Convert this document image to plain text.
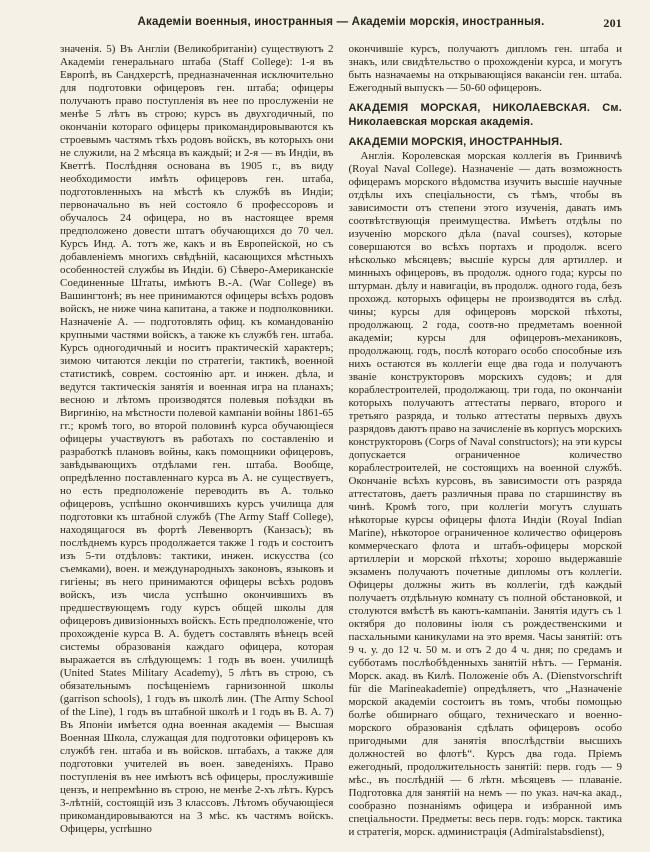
Академіи военныя, иностранныя — Академіи морскія, иностранныя.	201

значенія. 5) Въ Англіи (Великобританіи) существуютъ 2 Академіи генеральнаго штаба (Staff College): 1-я въ Европѣ, въ Сандхерстѣ, предназначенная исключительно для подготовки офицеровъ ген. штаба; офицеры получаютъ право поступленія въ нее по прослуженіи не менѣе 5 лѣтъ въ строю; курсъ въ двухгодичный, по окончаніи котораго офицеры прикомандировываются къ строевымъ частямъ тѣхъ родовъ войскъ, въ которыхъ они не служили, на 2 мѣсяца въ каждый; и 2-я — въ Индіи, въ Кветтѣ. Послѣдняя основана въ 1905 г., въ виду необходимости имѣть офицеровъ ген. штаба, подготовленныхъ на мѣстѣ къ службѣ въ Индіи; первоначально въ ней состояло 6 профессоровъ и обучалось 24 офицера, но въ настоящее время предположено довести штатъ обучающихся до 70 чел. Курсъ Инд. А. тотъ же, какъ и въ Европейской, но съ добавленіемъ многихъ свѣдѣній, касающихся мѣстныхъ особенностей службы въ Индіи. 6) Сѣверо-Американскіе Соединенные Штаты, имѣютъ В.-А. (War College) въ Вашингтонѣ; въ нее принимаются офицеры всѣхъ родовъ войскъ, не ниже чина капитана, а также и подполковники. Назначеніе А. — подготовлять офиц. къ командованію крупными частями войскъ, а также къ службѣ ген. штаба. Курсъ одногодичный и носитъ практическій характеръ; зимою читаются лекціи по стратегіи, тактикѣ, военной статистикѣ, соврем. состоянію арт. и инжен. дѣла, и ведутся тактическія занятія и военная игра на планахъ; весною и лѣтомъ производятся полевыя поѣздки въ Виргинію, на мѣстности полевой кампаніи войны 1861-65 гг.; кромѣ того, во второй половинѣ курса обучающіеся офицеры участвуютъ въ работахъ по составленію и разработкѣ плановъ войны, какъ помощники офицеровъ, завѣдывающихъ отдѣлами ген. штаба. Вообще, опредѣленно поставленнаго курса въ А. не существуетъ, но есть предположеніе переводить въ А. только офицеровъ, успѣшно окончившихъ курсъ училища для подготовки къ штабной службѣ (The Army Staff College), находящагося въ фортѣ Левенвортъ (Канзасъ); въ послѣднемъ курсъ продолжается также 1 годъ и состоитъ изъ 5-ти отдѣловъ: тактики, инжен. искусства (со съемками), воен. и международныхъ законовъ, языковъ и гигіены; въ него принимаются офицеры всѣхъ родовъ войскъ, изъ числа успѣшно окончившихъ въ предшествующемъ году курсъ общей школы для офицеровъ дивизіонныхъ войскъ. Есть предположеніе, что прохожденіе курса В. А. будетъ составлять вѣнецъ всей системы образованія каждаго офицера, которая выражается въ слѣдующемъ: 1 годъ въ воен. училищѣ (United States Military Academy), 5 лѣтъ въ строю, съ обязательнымъ посѣщеніемъ гарнизонной школы (garrison schools), 1 годъ въ школѣ лин. (The Army School of the Line), 1 годъ въ штабной школѣ и 1 годъ въ В. А. 7) Въ Японіи имѣется одна военная академія — Высшая Военная Школа, служащая для подготовки офицеровъ къ службѣ ген. штаба и въ войсков. штабахъ, а также для подготовки учителей въ воен. заведеніяхъ. Право поступленія въ нее имѣютъ всѣ офицеры, прослужившіе цензъ, и непремѣнно въ строю, не менѣе 2-хъ лѣтъ. Курсъ 3-лѣтній, состоящій изъ 3 классовъ. Лѣтомъ обучающіеся прикомандировываются на 3 мѣс. къ частямъ войскъ. Офицеры, успѣшно

окончившіе курсъ, получаютъ дипломъ ген. штаба и знакъ, или свидѣтельство о прохожденіи курса, и могутъ быть назначаемы на открывающіяся вакансіи ген. штаба. Ежегодный выпускъ — 50-60 офицеровъ.

АКАДЕМІЯ МОРСКАЯ, НИКОЛАЕВСКАЯ. См. Николаевская морская академія.
АКАДЕМІИ МОРСКІЯ, ИНОСТРАННЫЯ.

Англія. Королевская морская коллегія въ Гринвичѣ (Royal Naval College). Назначеніе — дать возможность офицерамъ морского вѣдомства изучить высшіе научные отдѣлы ихъ спеціальности, съ тѣмъ, чтобы въ зависимости отъ степени этого изученія, давать имъ соотвѣтствующія преимущества. Имѣетъ отдѣлы по изученію морского дѣла (naval courses), которые совершаются во всѣхъ портахъ и продолж. всего нѣсколько мѣсяцевъ; высшіе курсы для артиллер. и минныхъ офицеровъ, въ продолж. одного года; курсы по штурман. дѣлу и навигаціи, въ продолж. одного года, безъ прохожд. которыхъ офицеры не производятся въ слѣд. чины; курсы для офицеровъ морской пѣхоты, продолжающ. 2 года, соотв-но предметамъ военной академіи; курсы для офицеровъ-механиковъ, продолжающ. годъ, послѣ котораго особо способные изъ нихъ остаются въ коллегіи еще два года и получаютъ званіе конструкторовъ морскихъ судовъ; и для кораблестроителей, продолжающ. три года, по окончаніи которыхъ получаютъ аттестаты перваго, второго и третьяго разряда, и только аттестаты первыхъ двухъ разрядовъ даютъ право на зачисленіе въ корпусъ морскихъ конструкторовъ (Corps of Naval constructors); на эти курсы допускается ограниченное количество кораблестроителей, не состоящихъ на военной службѣ. Окончаніе всѣхъ курсовъ, въ зависимости отъ разряда аттестатовъ, даетъ различныя права по старшинству въ чинѣ. Кромѣ того, при коллегіи могутъ слушать нѣкоторые курсы офицеры флота Индіи (Royal Indian Marine), нѣкоторое ограниченное количество офицеровъ коммерческаго флота и штабъ-офицеры морской артиллеріи и морской пѣхоты; хорошо выдержавшіе экзаменъ получаютъ почетные дипломы отъ коллегіи. Офицеры должны жить въ коллегіи, гдѣ каждый получаетъ отдѣльную комнату съ полной обстановкой, и столуются вмѣстѣ въ каютъ-кампаніи. Занятія идутъ съ 1 октября до половины іюля съ рождественскими и пасхальными каникулами на это время. Часы занятій: отъ 9 ч. у. до 12 ч. 50 м. и отъ 2 до 4 ч. дня; по средамъ и субботамъ послѣобѣденныхъ занятій нѣтъ. — Германія. Морск. акад. въ Килѣ. Положеніе объ А. (Dienstvorschrift für die Marineakademie) опредѣляетъ, что „Назначеніе морской академіи состоитъ въ томъ, чтобы помощью болѣе обширнаго общаго, техническаго и военно-морского образованія сдѣлать офицеровъ особо пригодными для занятія впослѣдствіи высшихъ должностей во флотѣ“. Курсъ два года. Пріемъ ежегодный, продолжительность занятій: перв. годъ — 9 мѣс., въ послѣдній — 6 лѣтн. мѣсяцевъ — плаваніе. Подготовка для занятій на немъ — по указ. нач-ка акад., сообразно познаніямъ офицера и избранной имъ спеціальности. Предметы: весь перв. годъ: морск. тактика и стратегія, морск. администрація (Admiralstabsdienst),
